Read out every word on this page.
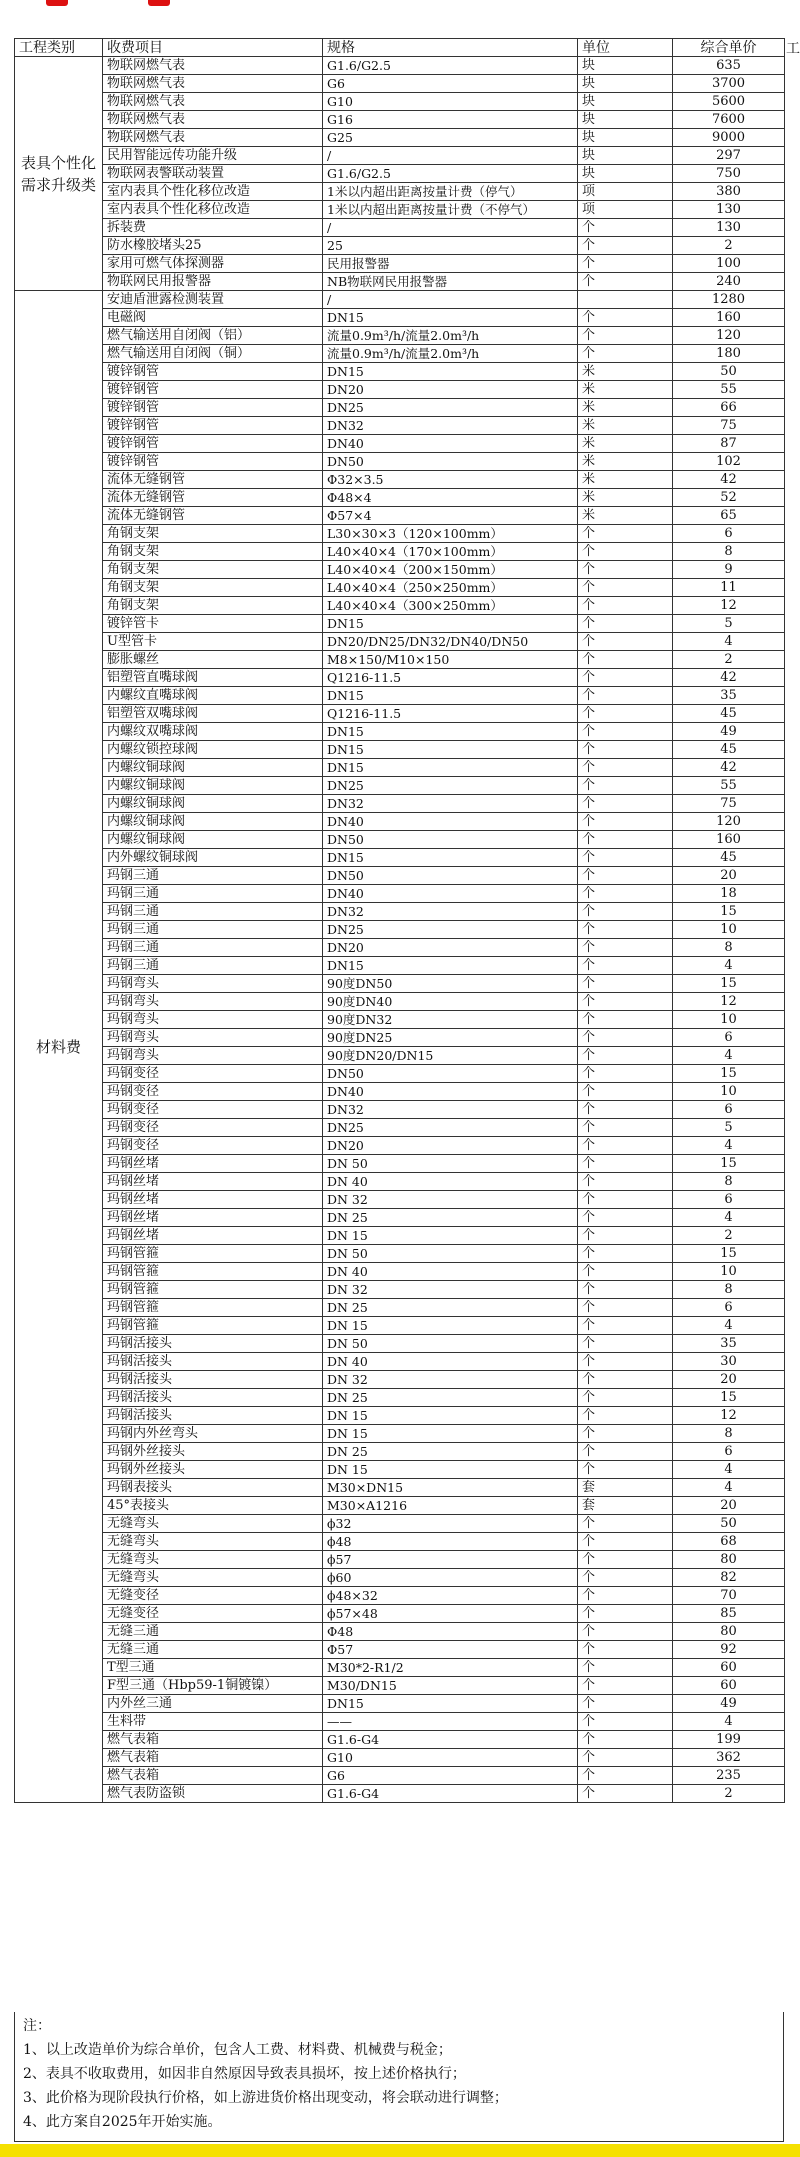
工
工程类别	收费项目	规格	单位	综合单价
表具个性化需求升级类	物联网燃气表	G1.6/G2.5	块	635
	物联网燃气表	G6	块	3700
	物联网燃气表	G10	块	5600
	物联网燃气表	G16	块	7600
	物联网燃气表	G25	块	9000
	民用智能远传功能升级	/	块	297
	物联网表警联动装置	G1.6/G2.5	块	750
	室内表具个性化移位改造	1米以内超出距离按量计费（停气）	项	380
	室内表具个性化移位改造	1米以内超出距离按量计费（不停气）	项	130
	拆装费	/	个	130
	防水橡胶堵头25	25	个	2
	家用可燃气体探测器	民用报警器	个	100
	物联网民用报警器	NB物联网民用报警器	个	240
材料费	安迪盾泄露检测装置	/		1280
	电磁阀	DN15	个	160
	燃气输送用自闭阀（铝）	流量0.9m³/h/流量2.0m³/h	个	120
	燃气输送用自闭阀（铜）	流量0.9m³/h/流量2.0m³/h	个	180
	镀锌钢管	DN15	米	50
	镀锌钢管	DN20	米	55
	镀锌钢管	DN25	米	66
	镀锌钢管	DN32	米	75
	镀锌钢管	DN40	米	87
	镀锌钢管	DN50	米	102
	流体无缝钢管	Φ32×3.5	米	42
	流体无缝钢管	Φ48×4	米	52
	流体无缝钢管	Φ57×4	米	65
	角钢支架	L30×30×3（120×100mm）	个	6
	角钢支架	L40×40×4（170×100mm）	个	8
	角钢支架	L40×40×4（200×150mm）	个	9
	角钢支架	L40×40×4（250×250mm）	个	11
	角钢支架	L40×40×4（300×250mm）	个	12
	镀锌管卡	DN15	个	5
	U型管卡	DN20/DN25/DN32/DN40/DN50	个	4
	膨胀螺丝	M8×150/M10×150	个	2
	铝塑管直嘴球阀	Q1216-11.5	个	42
	内螺纹直嘴球阀	DN15	个	35
	铝塑管双嘴球阀	Q1216-11.5	个	45
	内螺纹双嘴球阀	DN15	个	49
	内螺纹锁控球阀	DN15	个	45
	内螺纹铜球阀	DN15	个	42
	内螺纹铜球阀	DN25	个	55
	内螺纹铜球阀	DN32	个	75
	内螺纹铜球阀	DN40	个	120
	内螺纹铜球阀	DN50	个	160
	内外螺纹铜球阀	DN15	个	45
	玛钢三通	DN50	个	20
	玛钢三通	DN40	个	18
	玛钢三通	DN32	个	15
	玛钢三通	DN25	个	10
	玛钢三通	DN20	个	8
	玛钢三通	DN15	个	4
	玛钢弯头	90度DN50	个	15
	玛钢弯头	90度DN40	个	12
	玛钢弯头	90度DN32	个	10
	玛钢弯头	90度DN25	个	6
	玛钢弯头	90度DN20/DN15	个	4
	玛钢变径	DN50	个	15
	玛钢变径	DN40	个	10
	玛钢变径	DN32	个	6
	玛钢变径	DN25	个	5
	玛钢变径	DN20	个	4
	玛钢丝堵	DN 50	个	15
	玛钢丝堵	DN 40	个	8
	玛钢丝堵	DN 32	个	6
	玛钢丝堵	DN 25	个	4
	玛钢丝堵	DN 15	个	2
	玛钢管箍	DN 50	个	15
	玛钢管箍	DN 40	个	10
	玛钢管箍	DN 32	个	8
	玛钢管箍	DN 25	个	6
	玛钢管箍	DN 15	个	4
	玛钢活接头	DN 50	个	35
	玛钢活接头	DN 40	个	30
	玛钢活接头	DN 32	个	20
	玛钢活接头	DN 25	个	15
	玛钢活接头	DN 15	个	12
	玛钢内外丝弯头	DN 15	个	8
	玛钢外丝接头	DN 25	个	6
	玛钢外丝接头	DN 15	个	4
	玛钢表接头	M30×DN15	套	4
	45°表接头	M30×A1216	套	20
	无缝弯头	ϕ32	个	50
	无缝弯头	ϕ48	个	68
	无缝弯头	ϕ57	个	80
	无缝弯头	ϕ60	个	82
	无缝变径	ϕ48×32	个	70
	无缝变径	ϕ57×48	个	85
	无缝三通	Φ48	个	80
	无缝三通	Φ57	个	92
	T型三通	M30*2-R1/2	个	60
	F型三通（Hbp59-1铜镀镍）	M30/DN15	个	60
	内外丝三通	DN15	个	49
	生料带	——	个	4
	燃气表箱	G1.6-G4	个	199
	燃气表箱	G10	个	362
	燃气表箱	G6	个	235
	燃气表防盗锁	G1.6-G4	个	2
注：
1、以上改造单价为综合单价，包含人工费、材料费、机械费与税金；
2、表具不收取费用，如因非自然原因导致表具损坏，按上述价格执行；
3、此价格为现阶段执行价格，如上游进货价格出现变动，将会联动进行调整；
4、此方案自2025年开始实施。
